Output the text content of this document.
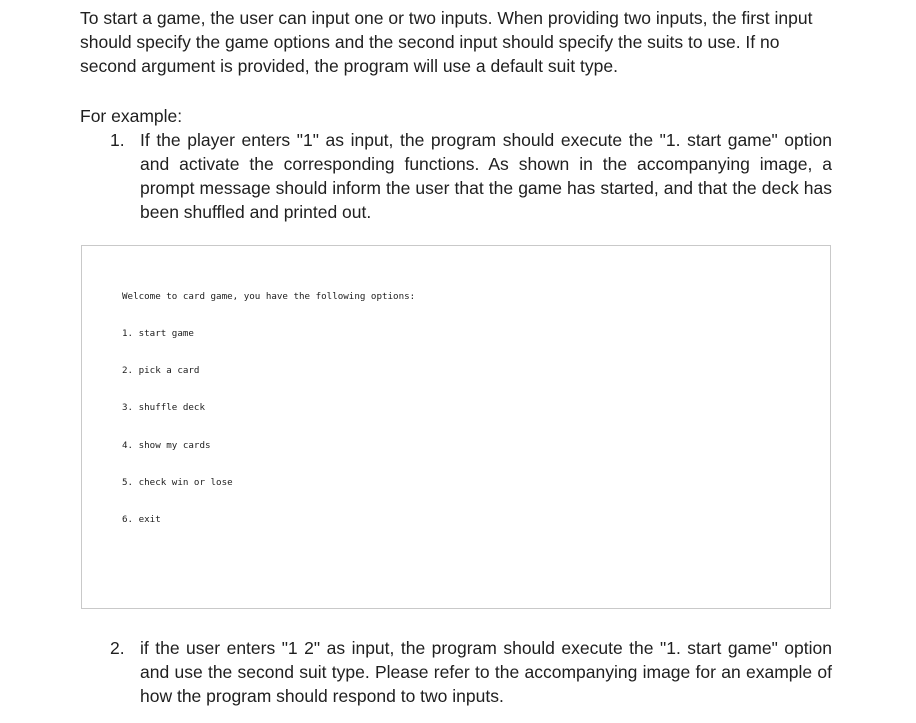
To start a game, the user can input one or two inputs. When providing two inputs, the first input should specify the game options and the second input should specify the suits to use. If no second argument is provided, the program will use a default suit type.

For example:

1. If the player enters "1" as input, the program should execute the "1. start game" option and activate the corresponding functions. As shown in the accompanying image, a prompt message should inform the user that the game has started, and that the deck has been shuffled and printed out.

Welcome to card game, you have the following options:

1. start game

2. pick a card

3. shuffle deck

4. show my cards

5. check win or lose

6. exit

2. if the user enters "1 2" as input, the program should execute the "1. start game" option and use the second suit type. Please refer to the accompanying image for an example of how the program should respond to two inputs.
